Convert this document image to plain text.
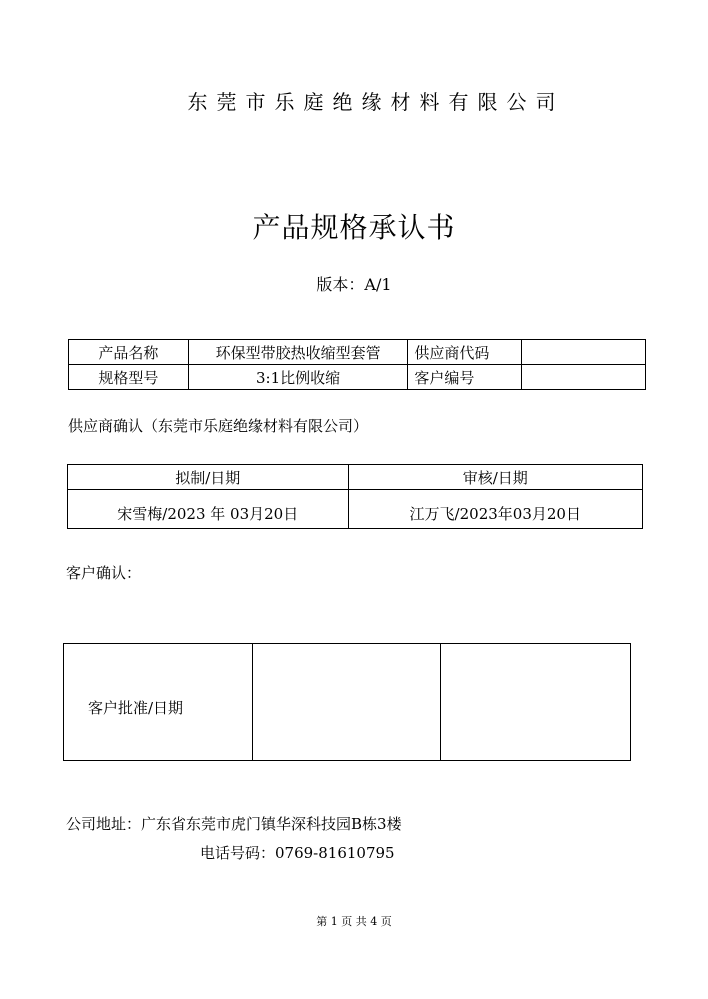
东莞市乐庭绝缘材料有限公司
产品规格承认书
版本：A/1
产品名称	环保型带胶热收缩型套管	供应商代码	
规格型号	3:1比例收缩	客户编号	
供应商确认（东莞市乐庭绝缘材料有限公司）
拟制/日期	审核/日期
宋雪梅/2023 年 03月20日	江万飞/2023年03月20日
客户确认：
客户批准/日期		
公司地址：广东省东莞市虎门镇华深科技园B栋3楼
电话号码：0769-81610795
第 1 页 共 4 页
